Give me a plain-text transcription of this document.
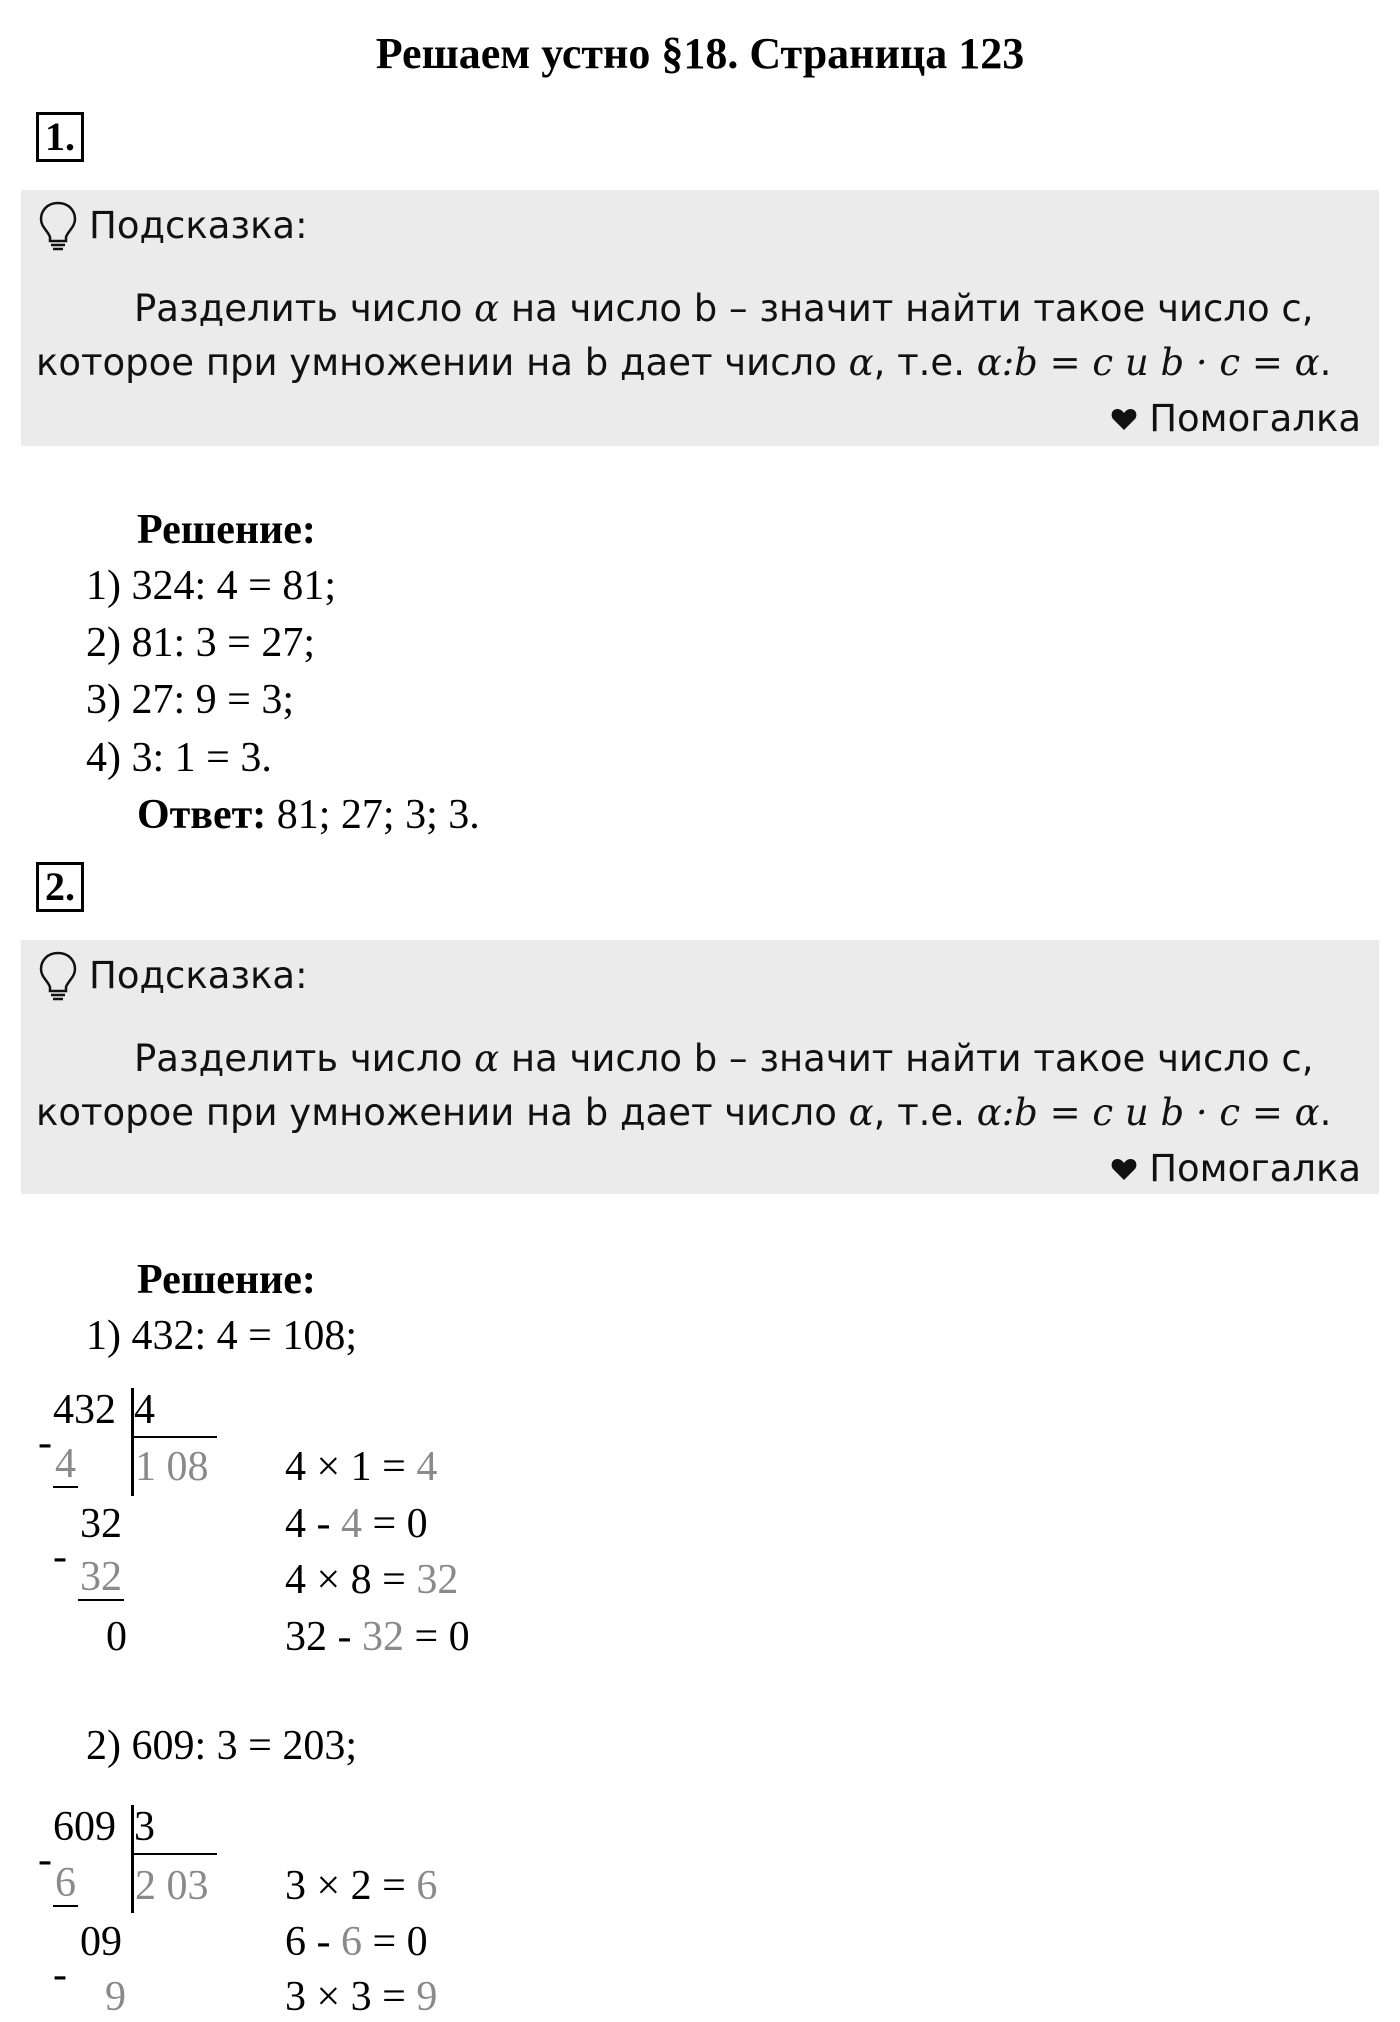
Решаем устно §18. Страница 123
1.
Подсказка:
Разделить число α на число b – значит найти такое число c,
которое при умножении на b дает число α, т.е. α:b = c и b · c = α.
Помогалка
Решение:
1) 324: 4 = 81;
2) 81: 3 = 27;
3) 27: 9 = 3;
4) 3: 1 = 3.
Ответ: 81; 27; 3; 3.
2.
Подсказка:
Разделить число α на число b – значит найти такое число c,
которое при умножении на b дает число α, т.е. α:b = c и b · c = α.
Помогалка
Решение:
1) 432: 4 = 108;
432 4
- 4 1 08
32
- 32
0
4 × 1 = 4
4 - 4 = 0
4 × 8 = 32
32 - 32 = 0
2) 609: 3 = 203;
609 3
- 6 2 03
09
- 9
3 × 2 = 6
6 - 6 = 0
3 × 3 = 9
